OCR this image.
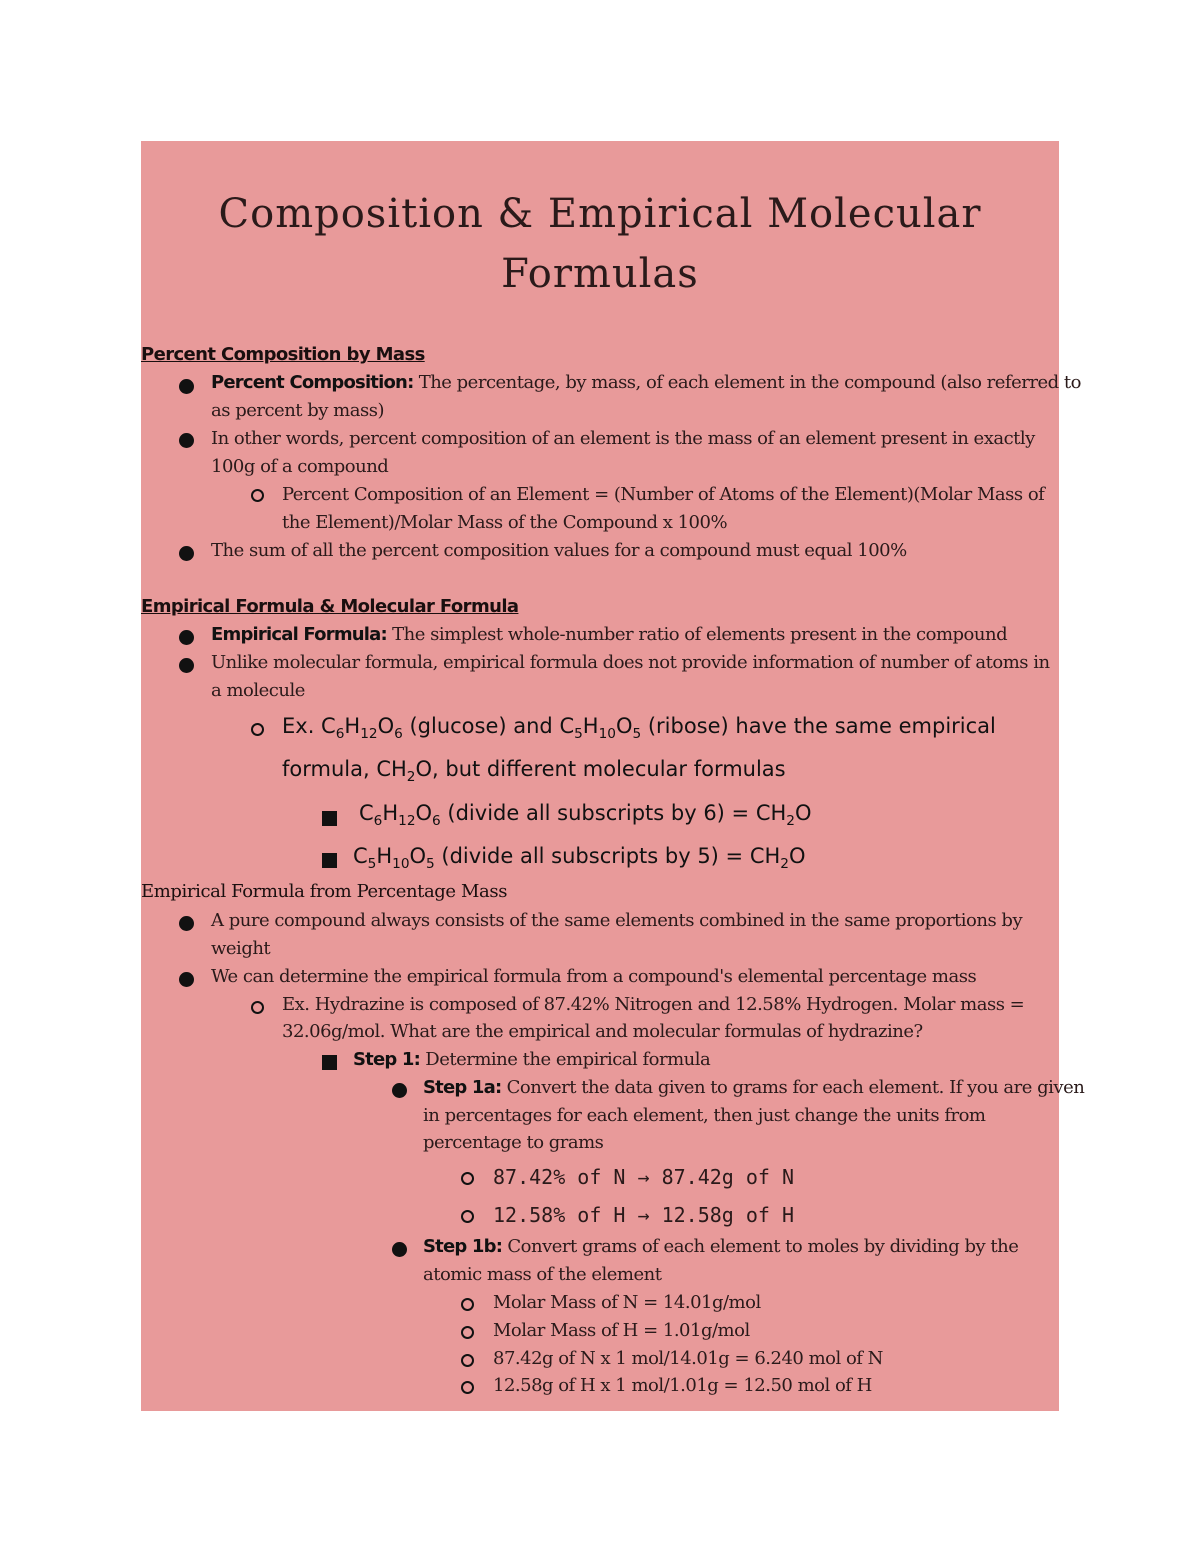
Composition & Empirical Molecular
Formulas
Percent Composition by Mass
Percent Composition: The percentage, by mass, of each element in the compound (also referred to
as percent by mass)
In other words, percent composition of an element is the mass of an element present in exactly
100g of a compound
Percent Composition of an Element = (Number of Atoms of the Element)(Molar Mass of
the Element)/Molar Mass of the Compound x 100%
The sum of all the percent composition values for a compound must equal 100%
Empirical Formula & Molecular Formula
Empirical Formula: The simplest whole-number ratio of elements present in the compound
Unlike molecular formula, empirical formula does not provide information of number of atoms in
a molecule
Ex. $C_6H_{12}O_6$ (glucose) and $C_5H_{10}O_5$ (ribose) have the same empirical
formula, $CH_2O$, but different molecular formulas
$C_6H_{12}O_6$ (divide all subscripts by $6) = CH_2O$
$C_5H_{10}O_5$ (divide all subscripts by $5) = CH_2O$
Empirical Formula from Percentage Mass
A pure compound always consists of the same elements combined in the same proportions by
weight
We can determine the empirical formula from a compound's elemental percentage mass
Ex. Hydrazine is composed of 87.42% Nitrogen and 12.58% Hydrogen. Molar mass =
32.06g/mol. What are the empirical and molecular formulas of hydrazine?
Step 1: Determine the empirical formula
Step 1a: Convert the data given to grams for each element. If you are given
in percentages for each element, then just change the units from
percentage to grams
87.42% of N → 87.42g of N
12.58% of H → 12.58g of H
Step 1b: Convert grams of each element to moles by dividing by the
atomic mass of the element
Molar Mass of N = 14.01g/mol
Molar Mass of H = 1.01g/mol
87.42g of N x 1 mol/14.01g = 6.240 mol of N
12.58g of H x 1 mol/1.01g = 12.50 mol of H
